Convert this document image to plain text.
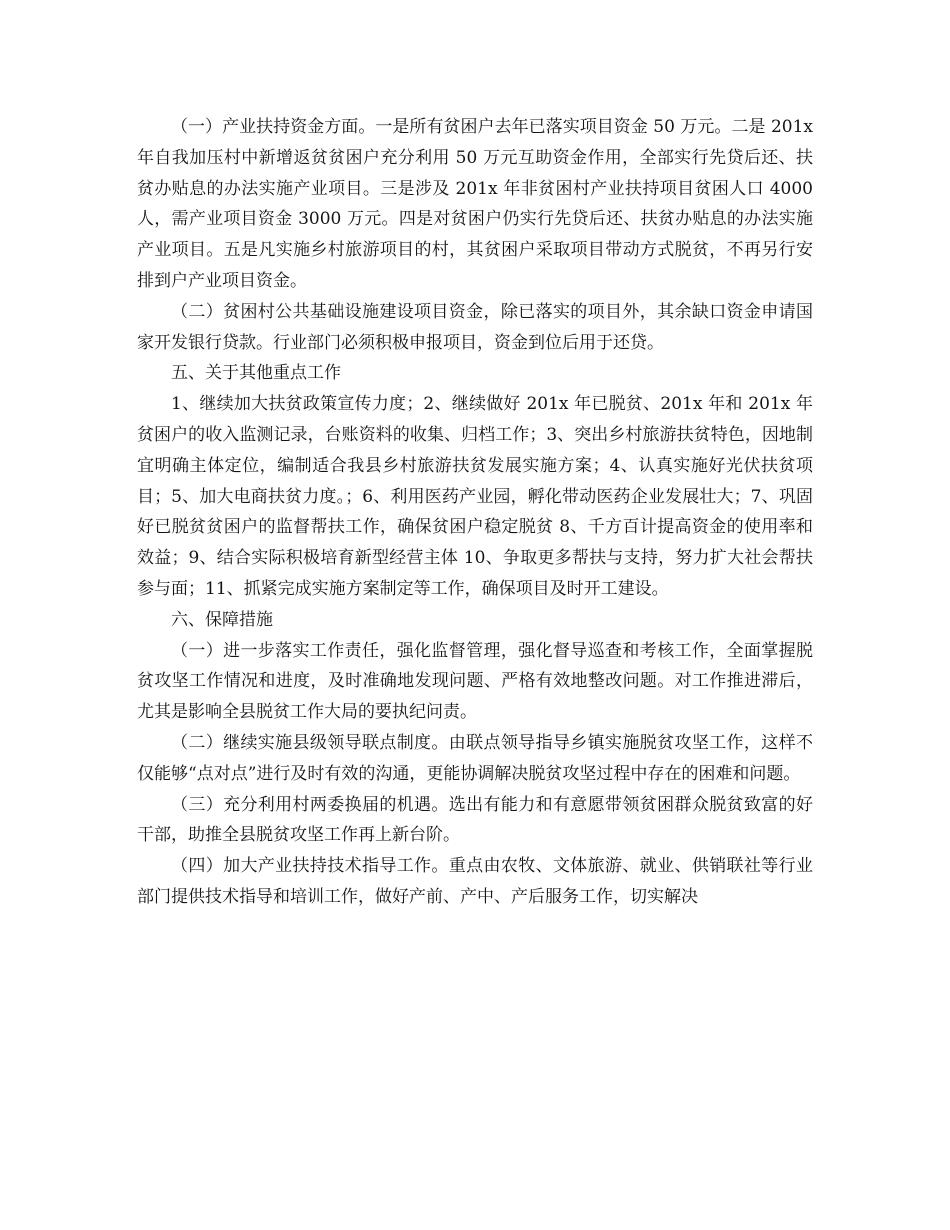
（一）产业扶持资金方面。一是所有贫困户去年已落实项目资金 50 万元。二是 201x 年自我加压村中新增返贫贫困户充分利用 50 万元互助资金作用，全部实行先贷后还、扶贫办贴息的办法实施产业项目。三是涉及 201x 年非贫困村产业扶持项目贫困人口 4000 人，需产业项目资金 3000 万元。四是对贫困户仍实行先贷后还、扶贫办贴息的办法实施产业项目。五是凡实施乡村旅游项目的村，其贫困户采取项目带动方式脱贫，不再另行安排到户产业项目资金。

（二）贫困村公共基础设施建设项目资金，除已落实的项目外，其余缺口资金申请国家开发银行贷款。行业部门必须积极申报项目，资金到位后用于还贷。

五、关于其他重点工作

1、继续加大扶贫政策宣传力度；2、继续做好 201x 年已脱贫、201x 年和 201x 年贫困户的收入监测记录，台账资料的收集、归档工作；3、突出乡村旅游扶贫特色，因地制宜明确主体定位，编制适合我县乡村旅游扶贫发展实施方案；4、认真实施好光伏扶贫项目；5、加大电商扶贫力度。；6、利用医药产业园，孵化带动医药企业发展壮大；7、巩固好已脱贫贫困户的监督帮扶工作，确保贫困户稳定脱贫 8、千方百计提高资金的使用率和效益；9、结合实际积极培育新型经营主体 10、争取更多帮扶与支持，努力扩大社会帮扶参与面；11、抓紧完成实施方案制定等工作，确保项目及时开工建设。

六、保障措施

（一）进一步落实工作责任，强化监督管理，强化督导巡查和考核工作，全面掌握脱贫攻坚工作情况和进度，及时准确地发现问题、严格有效地整改问题。对工作推进滞后，尤其是影响全县脱贫工作大局的要执纪问责。

（二）继续实施县级领导联点制度。由联点领导指导乡镇实施脱贫攻坚工作，这样不仅能够“点对点”进行及时有效的沟通，更能协调解决脱贫攻坚过程中存在的困难和问题。

（三）充分利用村两委换届的机遇。选出有能力和有意愿带领贫困群众脱贫致富的好干部，助推全县脱贫攻坚工作再上新台阶。

（四）加大产业扶持技术指导工作。重点由农牧、文体旅游、就业、供销联社等行业部门提供技术指导和培训工作，做好产前、产中、产后服务工作，切实解决
